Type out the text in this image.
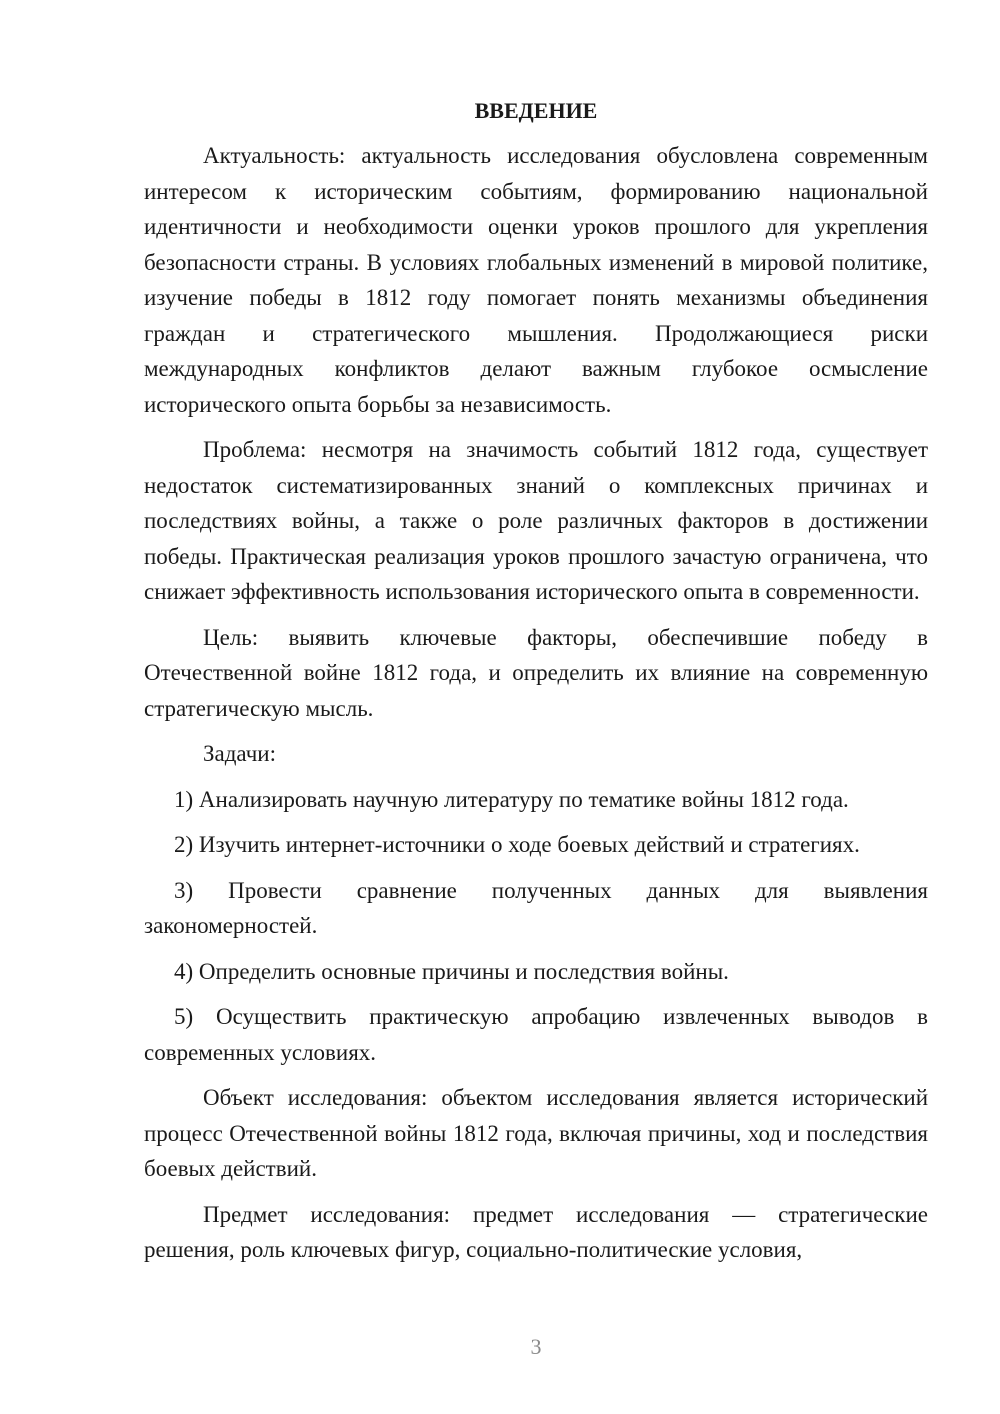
ВВЕДЕНИЕ

Актуальность: актуальность исследования обусловлена современным интересом к историческим событиям, формированию национальной идентичности и необходимости оценки уроков прошлого для укрепления безопасности страны. В условиях глобальных изменений в мировой политике, изучение победы в 1812 году помогает понять механизмы объединения граждан и стратегического мышления. Продолжающиеся риски международных конфликтов делают важным глубокое осмысление исторического опыта борьбы за независимость.

Проблема: несмотря на значимость событий 1812 года, существует недостаток систематизированных знаний о комплексных причинах и последствиях войны, а также о роле различных факторов в достижении победы. Практическая реализация уроков прошлого зачастую ограничена, что снижает эффективность использования исторического опыта в современности.

Цель: выявить ключевые факторы, обеспечившие победу в Отечественной войне 1812 года, и определить их влияние на современную стратегическую мысль.

Задачи:

1) Анализировать научную литературу по тематике войны 1812 года.

2) Изучить интернет-источники о ходе боевых действий и стратегиях.

3) Провести сравнение полученных данных для выявления закономерностей.

4) Определить основные причины и последствия войны.

5) Осуществить практическую апробацию извлеченных выводов в современных условиях.

Объект исследования: объектом исследования является исторический процесс Отечественной войны 1812 года, включая причины, ход и последствия боевых действий.

Предмет исследования: предмет исследования — стратегические решения, роль ключевых фигур, социально-политические условия,

3
